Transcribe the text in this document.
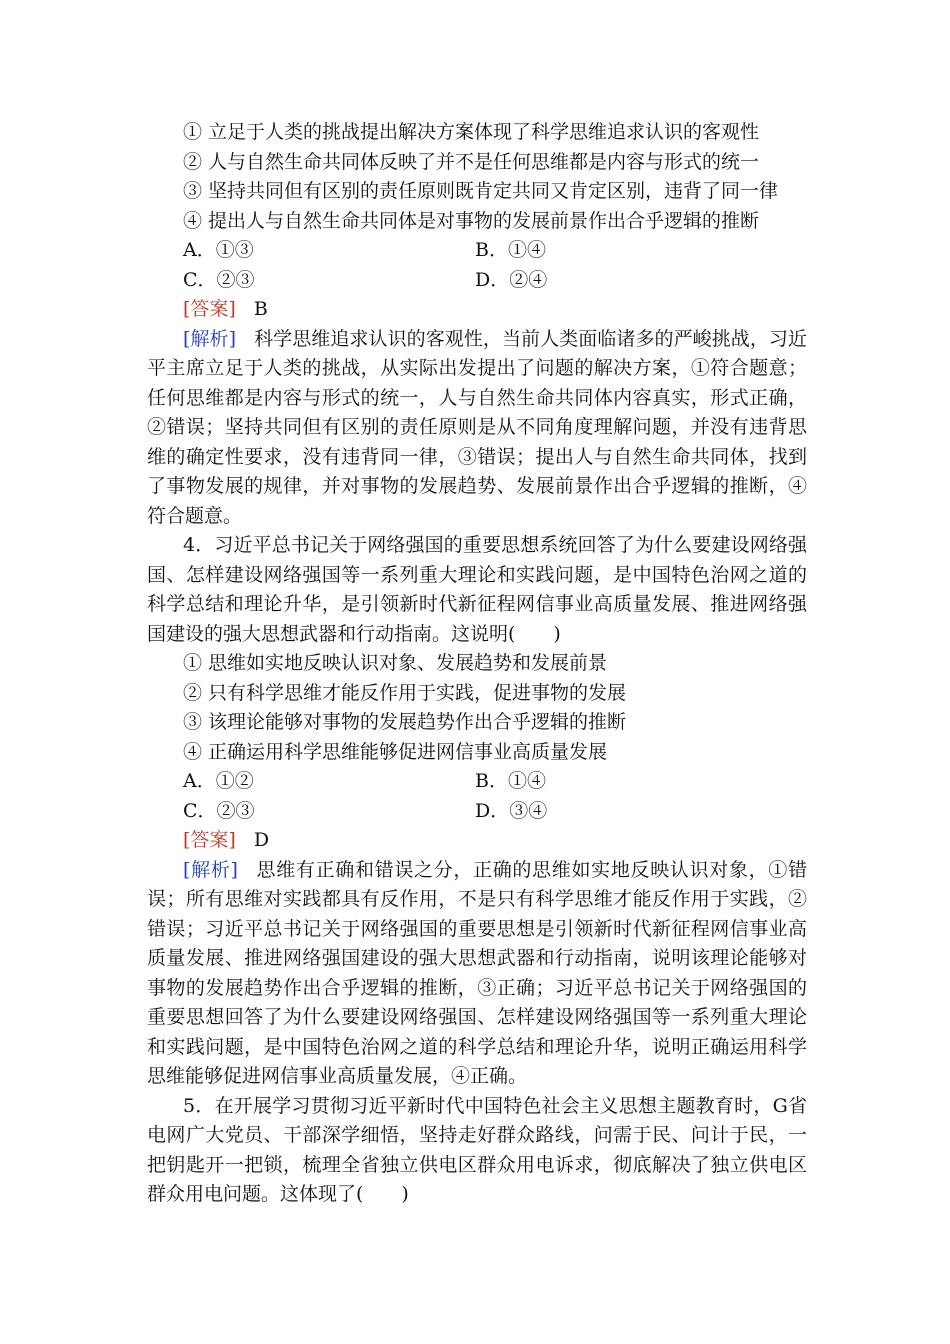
① 立足于人类的挑战提出解决方案体现了科学思维追求认识的客观性
② 人与自然生命共同体反映了并不是任何思维都是内容与形式的统一
③ 坚持共同但有区别的责任原则既肯定共同又肯定区别，违背了同一律
④ 提出人与自然生命共同体是对事物的发展前景作出合乎逻辑的推断
A．①③	B．①④
C．②③	D．②④
[答案] B
[解析] 科学思维追求认识的客观性，当前人类面临诸多的严峻挑战，习近平主席立足于人类的挑战，从实际出发提出了问题的解决方案，①符合题意；任何思维都是内容与形式的统一，人与自然生命共同体内容真实，形式正确，②错误；坚持共同但有区别的责任原则是从不同角度理解问题，并没有违背思维的确定性要求，没有违背同一律，③错误；提出人与自然生命共同体，找到了事物发展的规律，并对事物的发展趋势、发展前景作出合乎逻辑的推断，④符合题意。
4．习近平总书记关于网络强国的重要思想系统回答了为什么要建设网络强国、怎样建设网络强国等一系列重大理论和实践问题，是中国特色治网之道的科学总结和理论升华，是引领新时代新征程网信事业高质量发展、推进网络强国建设的强大思想武器和行动指南。这说明(　　)
① 思维如实地反映认识对象、发展趋势和发展前景
② 只有科学思维才能反作用于实践，促进事物的发展
③ 该理论能够对事物的发展趋势作出合乎逻辑的推断
④ 正确运用科学思维能够促进网信事业高质量发展
A．①②	B．①④
C．②③	D．③④
[答案] D
[解析] 思维有正确和错误之分，正确的思维如实地反映认识对象，①错误；所有思维对实践都具有反作用，不是只有科学思维才能反作用于实践，②错误；习近平总书记关于网络强国的重要思想是引领新时代新征程网信事业高质量发展、推进网络强国建设的强大思想武器和行动指南，说明该理论能够对事物的发展趋势作出合乎逻辑的推断，③正确；习近平总书记关于网络强国的重要思想回答了为什么要建设网络强国、怎样建设网络强国等一系列重大理论和实践问题，是中国特色治网之道的科学总结和理论升华，说明正确运用科学思维能够促进网信事业高质量发展，④正确。
5．在开展学习贯彻习近平新时代中国特色社会主义思想主题教育时，G省电网广大党员、干部深学细悟，坚持走好群众路线，问需于民、问计于民，一把钥匙开一把锁，梳理全省独立供电区群众用电诉求，彻底解决了独立供电区群众用电问题。这体现了(　　)
